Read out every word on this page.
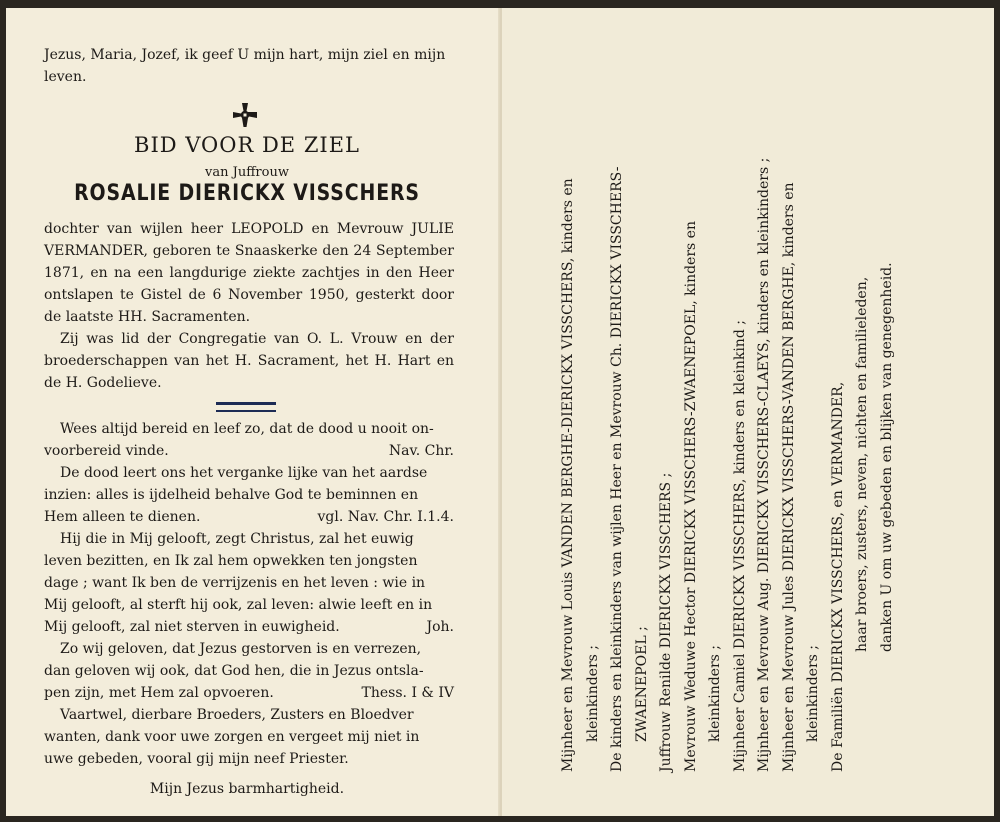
Jezus, Maria, Jozef, ik geef U mijn hart, mijn ziel en mijn leven.
BID VOOR DE ZIEL
van Juffrouw
ROSALIE DIERICKX VISSCHERS

dochter van wijlen heer LEOPOLD en Mevrouw JULIE VERMANDER, geboren te Snaaskerke den 24 September 1871, en na een langdurige ziekte zachtjes in den Heer ontslapen te Gistel de 6 November 1950, gesterkt door de laatste HH. Sacramenten.

Zij was lid der Congregatie van O. L. Vrouw en der broederschappen van het H. Sacrament, het H. Hart en de H. Godelieve.

Wees altijd bereid en leef zo, dat de dood u nooit on-
voorbereid vinde.	Nav. Chr.
De dood leert ons het verganke lijke van het aardse
inzien: alles is ijdelheid behalve God te beminnen en
Hem alleen te dienen.	vgl. Nav. Chr. I.1.4.
Hij die in Mij gelooft, zegt Christus, zal het euwig
leven bezitten, en Ik zal hem opwekken ten jongsten
dage ; want Ik ben de verrijzenis en het leven : wie in
Mij gelooft, al sterft hij ook, zal leven: alwie leeft en in
Mij gelooft, zal niet sterven in euwigheid.	Joh.
Zo wij geloven, dat Jezus gestorven is en verrezen,
dan geloven wij ook, dat God hen, die in Jezus ontsla-
pen zijn, met Hem zal opvoeren.	Thess. I & IV
Vaartwel, dierbare Broeders, Zusters en Bloedver
wanten, dank voor uwe zorgen en vergeet mij niet in
uwe gebeden, vooral gij mijn neef Priester.
Mijn Jezus barmhartigheid.
Mijnheer en Mevrouw Louis VANDEN BERGHE-DIERICKX VISSCHERS, kinders en kleinkinders ; De kinders en kleinkinders van wijlen Heer en Mevrouw Ch. DIERICKX VISSCHERS- ZWAENEPOEL ; Juffrouw Renilde DIERICKX VISSCHERS ; Mevrouw Weduwe Hector DIERICKX VISSCHERS-ZWAENEPOEL, kinders en kleinkinders ; Mijnheer Camiel DIERICKX VISSCHERS, kinders en kleinkind ; Mijnheer en Mevrouw Aug. DIERICKX VISSCHERS-CLAEYS, kinders en kleinkinders ; Mijnheer en Mevrouw Jules DIERICKX VISSCHERS-VANDEN BERGHE, kinders en kleinkinders ; De Familiën DIERICKX VISSCHERS, en VERMANDER, haar broers, zusters, neven, nichten en familieleden, danken U om uw gebeden en blijken van genegenheid.
